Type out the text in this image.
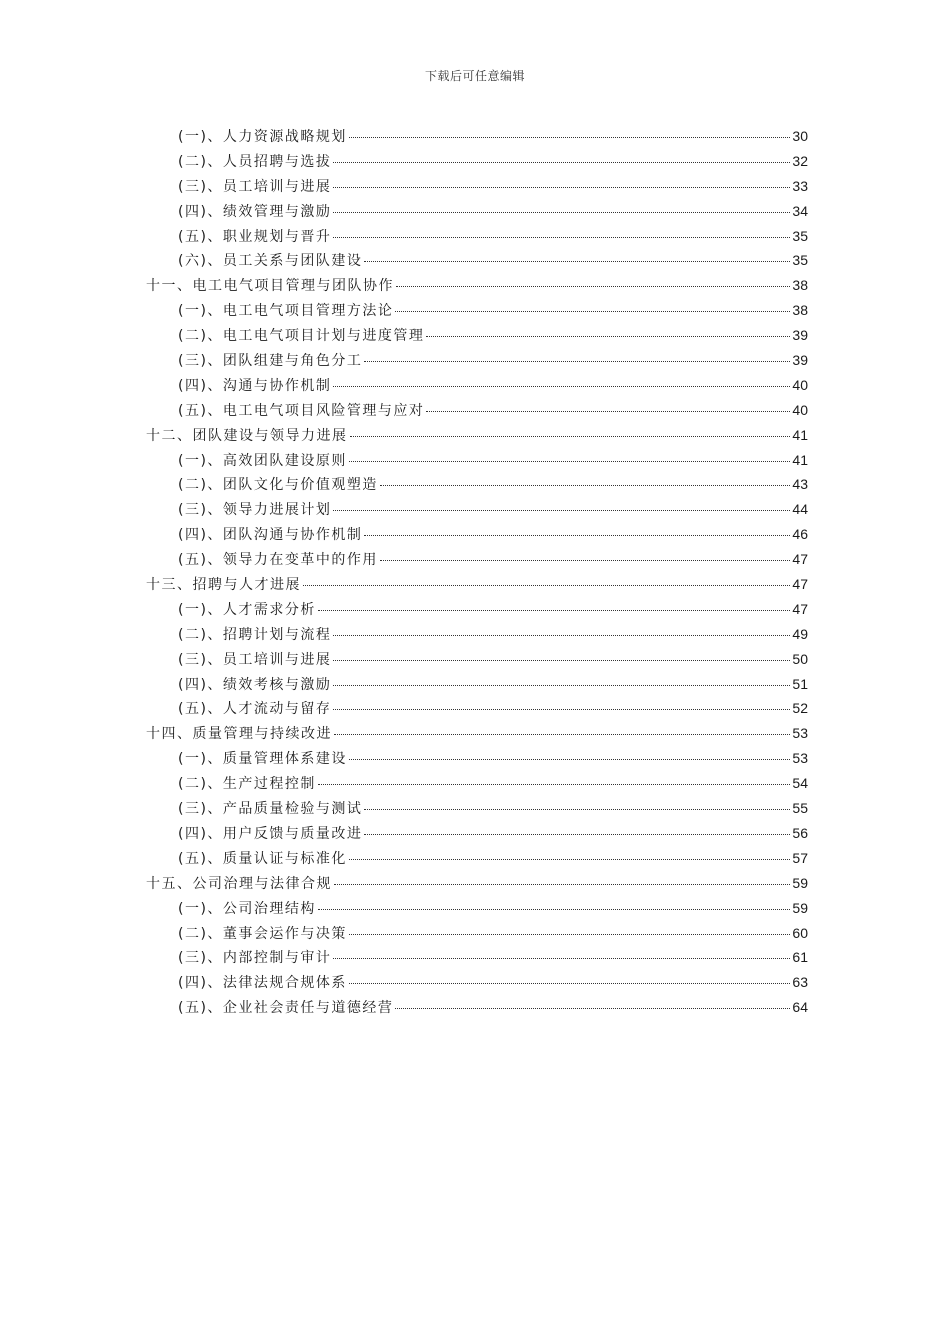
下载后可任意编辑
(一)、人力资源战略规划	30
(二)、人员招聘与选拔	32
(三)、员工培训与进展	33
(四)、绩效管理与激励	34
(五)、职业规划与晋升	35
(六)、员工关系与团队建设	35
十一、电工电气项目管理与团队协作	38
(一)、电工电气项目管理方法论	38
(二)、电工电气项目计划与进度管理	39
(三)、团队组建与角色分工	39
(四)、沟通与协作机制	40
(五)、电工电气项目风险管理与应对	40
十二、团队建设与领导力进展	41
(一)、高效团队建设原则	41
(二)、团队文化与价值观塑造	43
(三)、领导力进展计划	44
(四)、团队沟通与协作机制	46
(五)、领导力在变革中的作用	47
十三、招聘与人才进展	47
(一)、人才需求分析	47
(二)、招聘计划与流程	49
(三)、员工培训与进展	50
(四)、绩效考核与激励	51
(五)、人才流动与留存	52
十四、质量管理与持续改进	53
(一)、质量管理体系建设	53
(二)、生产过程控制	54
(三)、产品质量检验与测试	55
(四)、用户反馈与质量改进	56
(五)、质量认证与标准化	57
十五、公司治理与法律合规	59
(一)、公司治理结构	59
(二)、董事会运作与决策	60
(三)、内部控制与审计	61
(四)、法律法规合规体系	63
(五)、企业社会责任与道德经营	64
